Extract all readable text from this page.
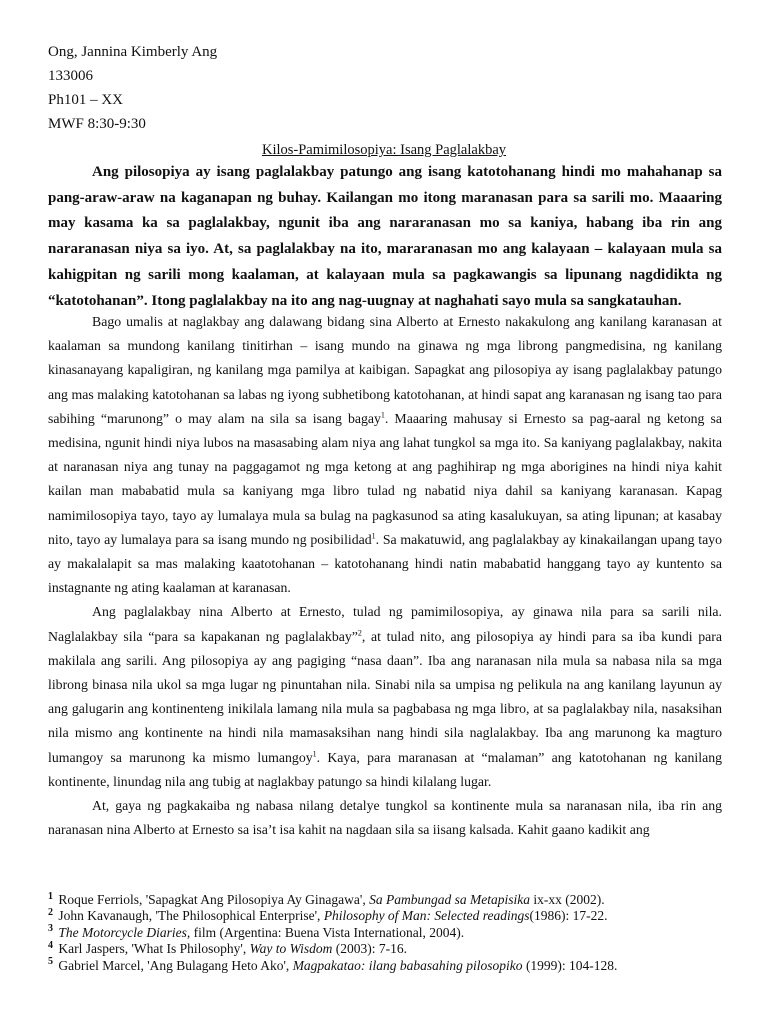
Ong, Jannina Kimberly Ang
133006
Ph101 – XX
MWF 8:30-9:30
Kilos-Pamimilosopiya: Isang Paglalakbay

Ang pilosopiya ay isang paglalakbay patungo ang isang katotohanang hindi mo mahahanap sa pang-araw-araw na kaganapan ng buhay. Kailangan mo itong maranasan para sa sarili mo. Maaaring may kasama ka sa paglalakbay, ngunit iba ang nararanasan mo sa kaniya, habang iba rin ang nararanasan niya sa iyo. At, sa paglalakbay na ito, mararanasan mo ang kalayaan – kalayaan mula sa kahigpitan ng sarili mong kaalaman, at kalayaan mula sa pagkawangis sa lipunang nagdidikta ng “katotohanan”. Itong paglalakbay na ito ang nag-uugnay at naghahati sayo mula sa sangkatauhan.

Bago umalis at naglakbay ang dalawang bidang sina Alberto at Ernesto nakakulong ang kanilang karanasan at kaalaman sa mundong kanilang tinitirhan – isang mundo na ginawa ng mga librong pangmedisina, ng kanilang kinasanayang kapaligiran, ng kanilang mga pamilya at kaibigan. Sapagkat ang pilosopiya ay isang paglalakbay patungo ang mas malaking katotohanan sa labas ng iyong subhetibong katotohanan, at hindi sapat ang karanasan ng isang tao para sabihing “marunong” o may alam na sila sa isang bagay$^1$. Maaaring mahusay si Ernesto sa pag-aaral ng ketong sa medisina, ngunit hindi niya lubos na masasabing alam niya ang lahat tungkol sa mga ito. Sa kaniyang paglalakbay, nakita at naranasan niya ang tunay na paggagamot ng mga ketong at ang paghihirap ng mga aborigines na hindi niya kahit kailan man mababatid mula sa kaniyang mga libro tulad ng nabatid niya dahil sa kaniyang karanasan. Kapag namimilosopiya tayo, tayo ay lumalaya mula sa bulag na pagkasunod sa ating kasalukuyan, sa ating lipunan; at kasabay nito, tayo ay lumalaya para sa isang mundo ng posibilidad$^1$. Sa makatuwid, ang paglalakbay ay kinakailangan upang tayo ay makalalapit sa mas malaking kaatotohanan – katotohanang hindi natin mababatid hanggang tayo ay kuntento sa instagnante ng ating kaalaman at karanasan.

Ang paglalakbay nina Alberto at Ernesto, tulad ng pamimilosopiya, ay ginawa nila para sa sarili nila. Naglalakbay sila “para sa kapakanan ng paglalakbay”$^2$, at tulad nito, ang pilosopiya ay hindi para sa iba kundi para makilala ang sarili. Ang pilosopiya ay ang pagiging “nasa daan”. Iba ang naranasan nila mula sa nabasa nila sa mga librong binasa nila ukol sa mga lugar ng pinuntahan nila. Sinabi nila sa umpisa ng pelikula na ang kanilang layunun ay ang galugarin ang kontinenteng inikilala lamang nila mula sa pagbabasa ng mga libro, at sa paglalakbay nila, nasaksihan nila mismo ang kontinente na hindi nila mamasaksihan nang hindi sila naglalakbay. Iba ang marunong ka magturo lumangoy sa marunong ka mismo lumangoy$^1$. Kaya, para maranasan at “malaman” ang katotohanan ng kanilang kontinente, linundag nila ang tubig at naglakbay patungo sa hindi kilalang lugar.

At, gaya ng pagkakaiba ng nabasa nilang detalye tungkol sa kontinente mula sa naranasan nila, iba rin ang naranasan nina Alberto at Ernesto sa isa’t isa kahit na nagdaan sila sa iisang kalsada. Kahit gaano kadikit ang

$^1$ Roque Ferriols, 'Sapagkat Ang Pilosopiya Ay Ginagawa', Sa Pambungad sa Metapisika ix-xx (2002).
$^2$ John Kavanaugh, 'The Philosophical Enterprise', Philosophy of Man: Selected readings(1986): 17-22.
$^3$ The Motorcycle Diaries, film (Argentina: Buena Vista International, 2004).
$^4$ Karl Jaspers, 'What Is Philosophy', Way to Wisdom (2003): 7-16.
$^5$ Gabriel Marcel, 'Ang Bulagang Heto Ako', Magpakatao: ilang babasahing pilosopiko (1999): 104-128.
